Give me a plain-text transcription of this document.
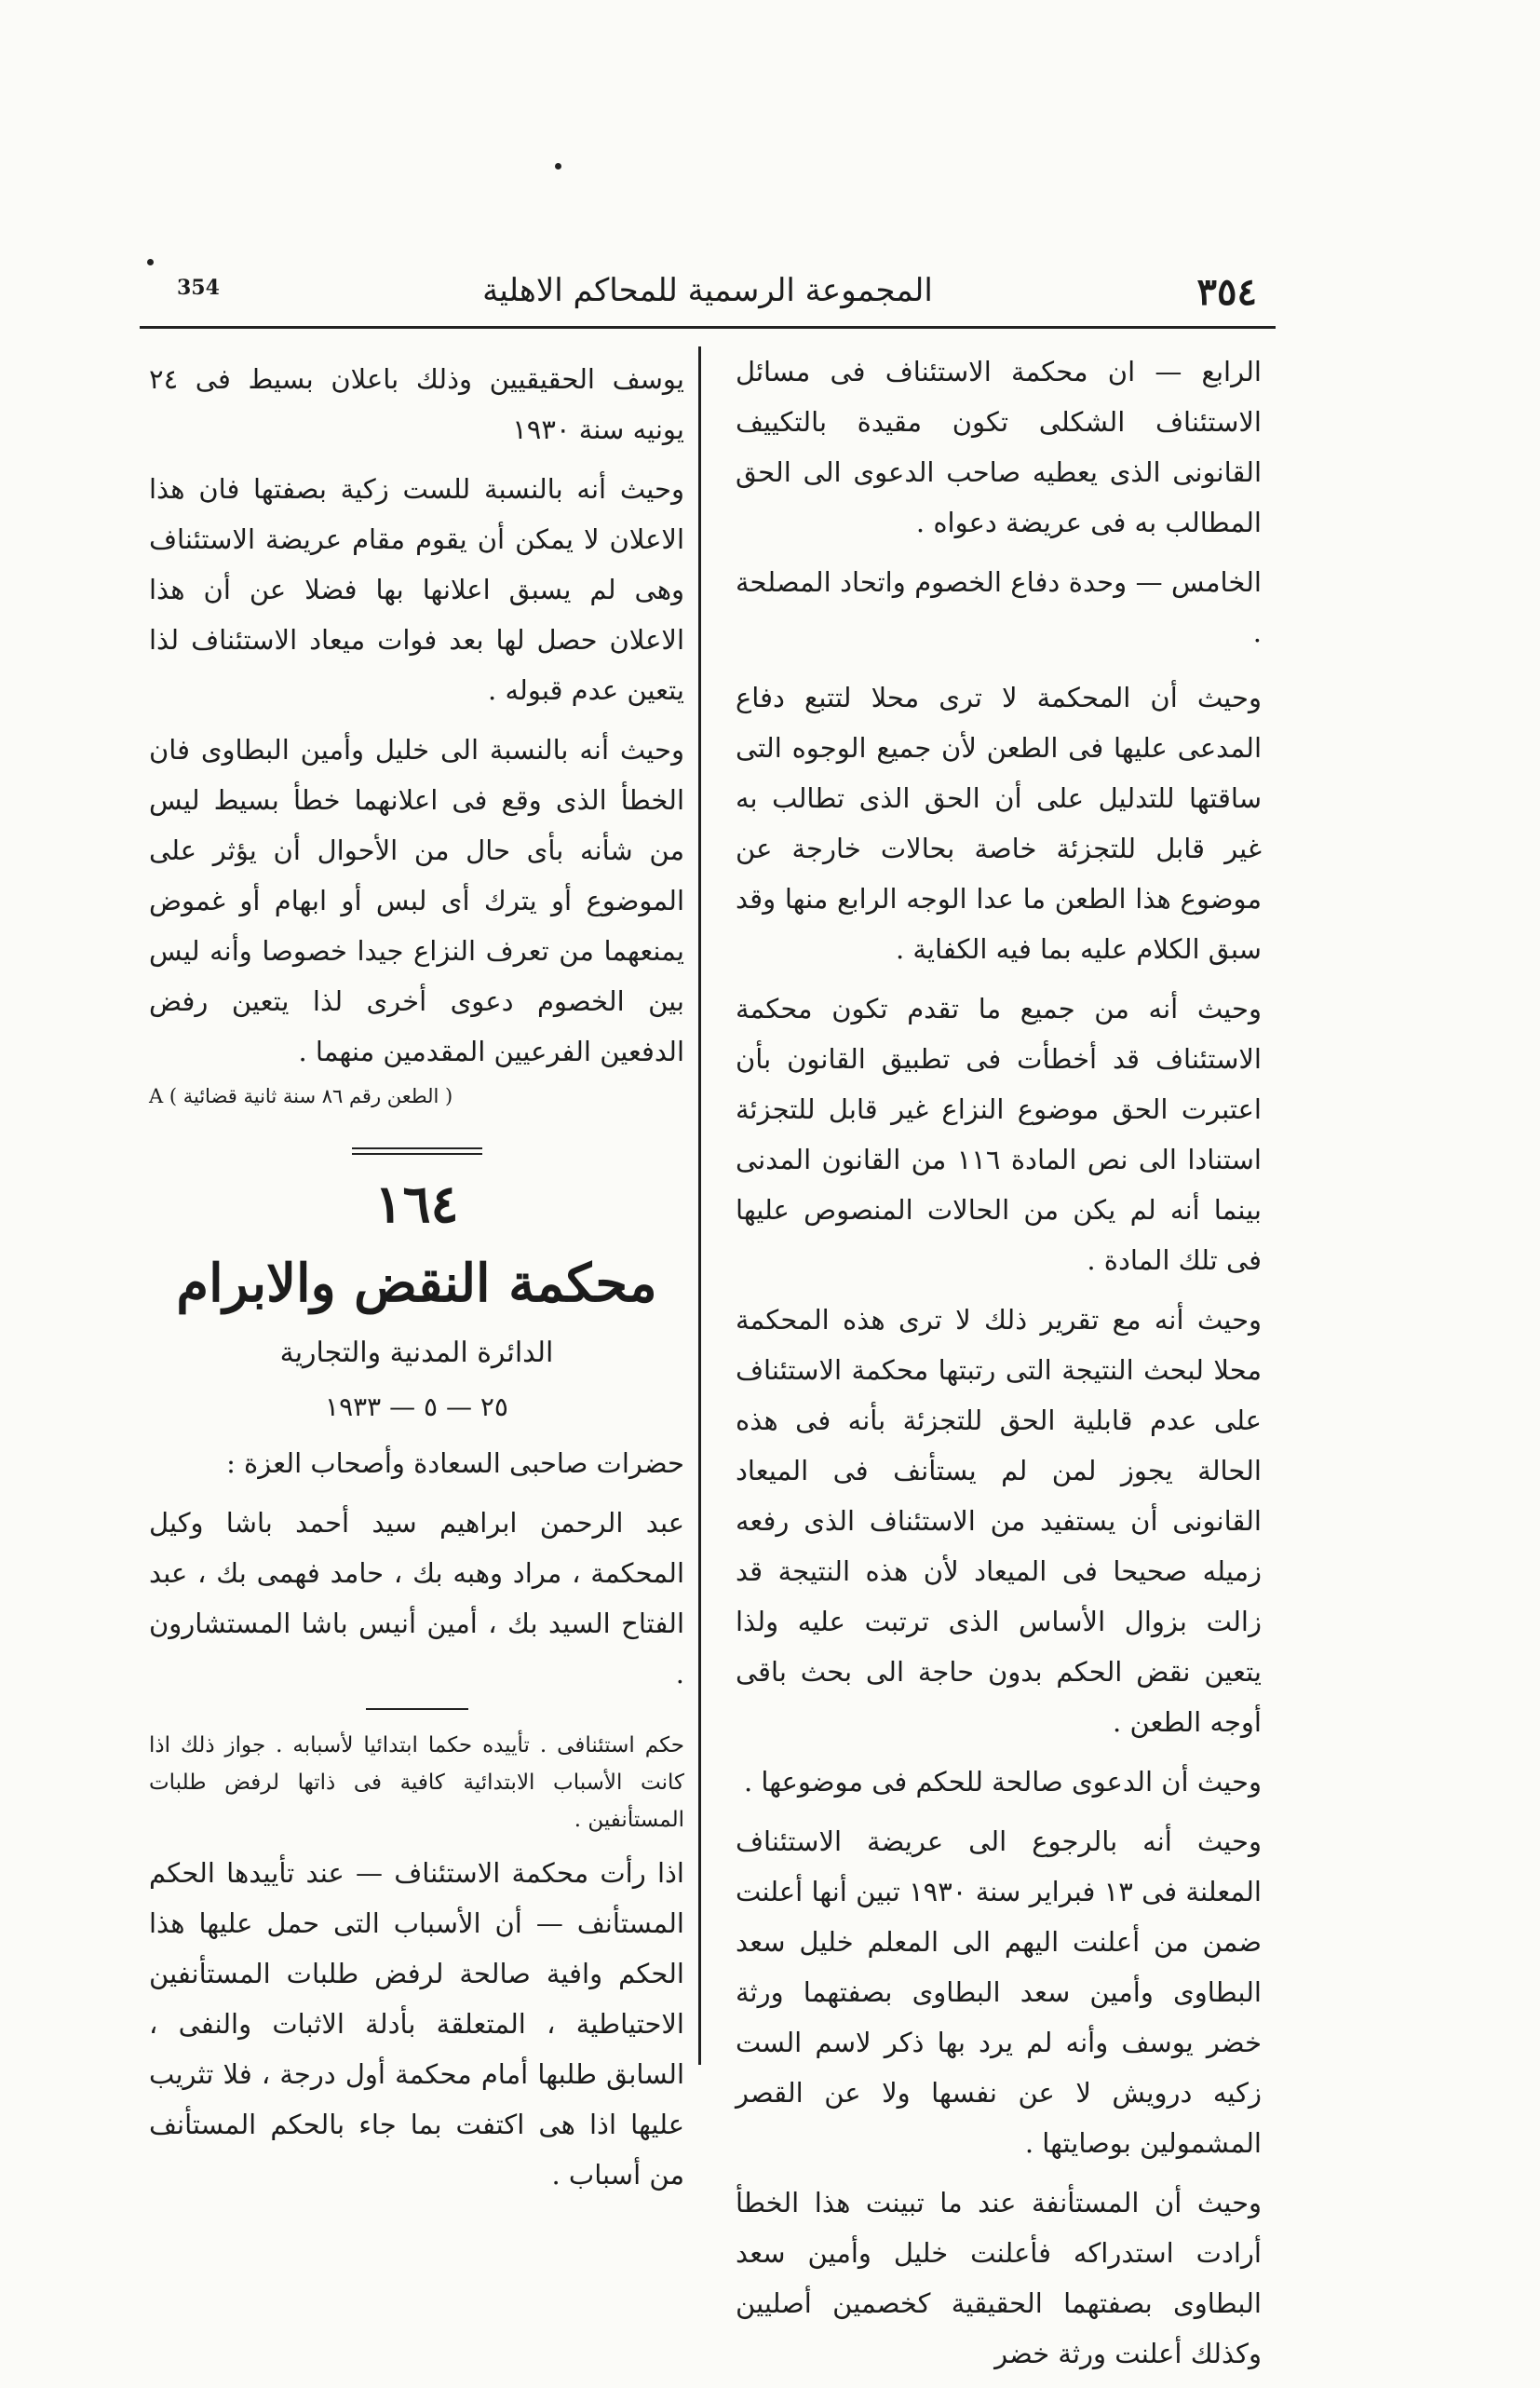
354	المجموعة الرسمية للمحاكم الاهلية	٣٥٤

الرابع — ان محكمة الاستئناف فى مسائل الاستئناف الشكلى تكون مقيدة بالتكييف القانونى الذى يعطيه صاحب الدعوى الى الحق المطالب به فى عريضة دعواه .

الخامس — وحدة دفاع الخصوم واتحاد المصلحة .

وحيث أن المحكمة لا ترى محلا لتتبع دفاع المدعى عليها فى الطعن لأن جميع الوجوه التى ساقتها للتدليل على أن الحق الذى تطالب به غير قابل للتجزئة خاصة بحالات خارجة عن موضوع هذا الطعن ما عدا الوجه الرابع منها وقد سبق الكلام عليه بما فيه الكفاية .

وحيث أنه من جميع ما تقدم تكون محكمة الاستئناف قد أخطأت فى تطبيق القانون بأن اعتبرت الحق موضوع النزاع غير قابل للتجزئة استنادا الى نص المادة ١١٦ من القانون المدنى بينما أنه لم يكن من الحالات المنصوص عليها فى تلك المادة .

وحيث أنه مع تقرير ذلك لا ترى هذه المحكمة محلا لبحث النتيجة التى رتبتها محكمة الاستئناف على عدم قابلية الحق للتجزئة بأنه فى هذه الحالة يجوز لمن لم يستأنف فى الميعاد القانونى أن يستفيد من الاستئناف الذى رفعه زميله صحيحا فى الميعاد لأن هذه النتيجة قد زالت بزوال الأساس الذى ترتبت عليه ولذا يتعين نقض الحكم بدون حاجة الى بحث باقى أوجه الطعن .

وحيث أن الدعوى صالحة للحكم فى موضوعها .

وحيث أنه بالرجوع الى عريضة الاستئناف المعلنة فى ١٣ فبراير سنة ١٩٣٠ تبين أنها أعلنت ضمن من أعلنت اليهم الى المعلم خليل سعد البطاوى وأمين سعد البطاوى بصفتهما ورثة خضر يوسف وأنه لم يرد بها ذكر لاسم الست زكيه درويش لا عن نفسها ولا عن القصر المشمولين بوصايتها .

وحيث أن المستأنفة عند ما تبينت هذا الخطأ أرادت استدراكه فأعلنت خليل وأمين سعد البطاوى بصفتهما الحقيقية كخصمين أصليين وكذلك أعلنت ورثة خضر

يوسف الحقيقيين وذلك باعلان بسيط فى ٢٤ يونيه سنة ١٩٣٠

وحيث أنه بالنسبة للست زكية بصفتها فان هذا الاعلان لا يمكن أن يقوم مقام عريضة الاستئناف وهى لم يسبق اعلانها بها فضلا عن أن هذا الاعلان حصل لها بعد فوات ميعاد الاستئناف لذا يتعين عدم قبوله .

وحيث أنه بالنسبة الى خليل وأمين البطاوى فان الخطأ الذى وقع فى اعلانهما خطأ بسيط ليس من شأنه بأى حال من الأحوال أن يؤثر على الموضوع أو يترك أى لبس أو ابهام أو غموض يمنعهما من تعرف النزاع جيدا خصوصا وأنه ليس بين الخصوم دعوى أخرى لذا يتعين رفض الدفعين الفرعيين المقدمين منهما .

( الطعن رقم ٨٦ سنة ثانية قضائية ) A

١٦٤

محكمة النقض والابرام

الدائرة المدنية والتجارية

٢٥ — ٥ — ١٩٣٣

حضرات صاحبى السعادة وأصحاب العزة :

عبد الرحمن ابراهيم سيد أحمد باشا وكيل المحكمة ، مراد وهبه بك ، حامد فهمى بك ، عبد الفتاح السيد بك ، أمين أنيس باشا المستشارون .

حكم استئنافى . تأييده حكما ابتدائيا لأسبابه . جواز ذلك اذا كانت الأسباب الابتدائية كافية فى ذاتها لرفض طلبات المستأنفين .

اذا رأت محكمة الاستئناف — عند تأييدها الحكم المستأنف — أن الأسباب التى حمل عليها هذا الحكم وافية صالحة لرفض طلبات المستأنفين الاحتياطية ، المتعلقة بأدلة الاثبات والنفى ، السابق طلبها أمام محكمة أول درجة ، فلا تثريب عليها اذا هى اكتفت بما جاء بالحكم المستأنف من أسباب .
